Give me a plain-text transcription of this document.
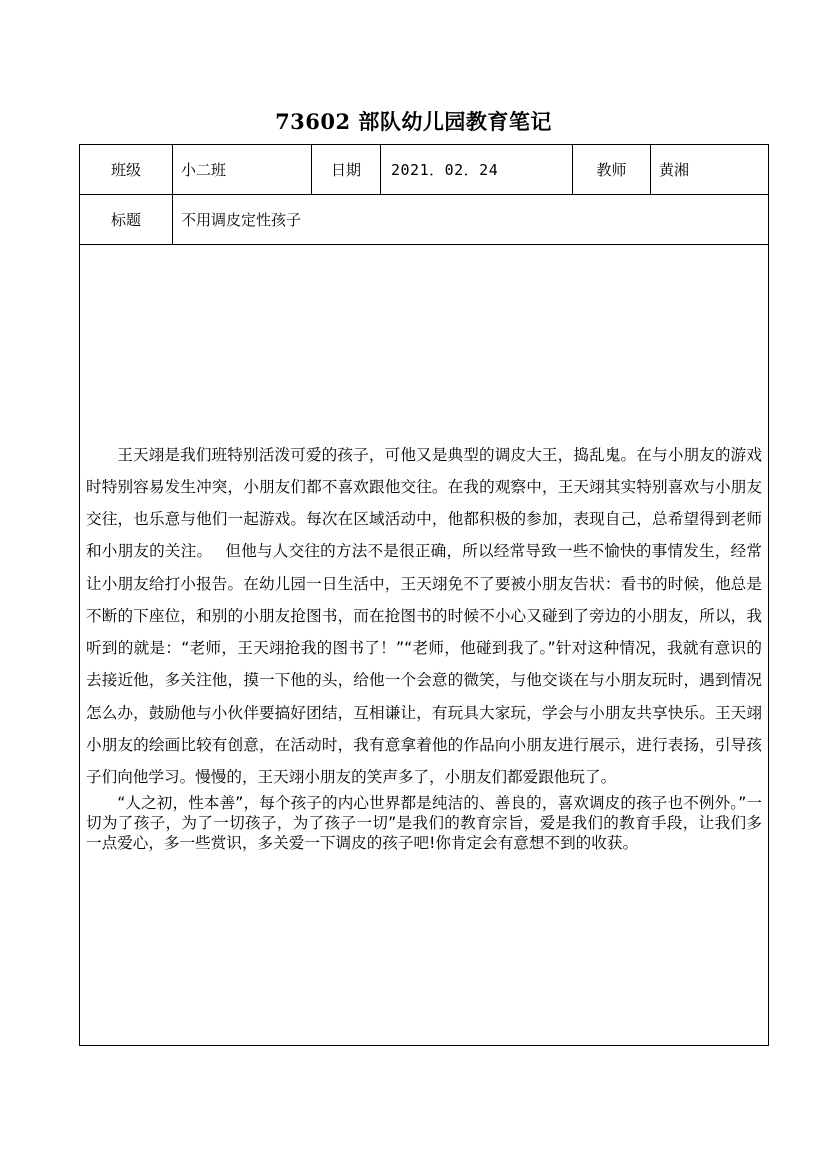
73602 部队幼儿园教育笔记
班级	小二班	日期	2021．02．24	教师	黄湘
标题	不用调皮定性孩子				

王天翊是我们班特别活泼可爱的孩子，可他又是典型的调皮大王，捣乱鬼。在与小朋友的游戏时特别容易发生冲突，小朋友们都不喜欢跟他交往。在我的观察中，王天翊其实特别喜欢与小朋友交往，也乐意与他们一起游戏。每次在区域活动中，他都积极的参加，表现自己，总希望得到老师和小朋友的关注。　 但他与人交往的方法不是很正确，所以经常导致一些不愉快的事情发生，经常让小朋友给打小报告。在幼儿园一日生活中，王天翊免不了要被小朋友告状：看书的时候，他总是不断的下座位，和别的小朋友抢图书，而在抢图书的时候不小心又碰到了旁边的小朋友，所以，我听到的就是：“老师，王天翊抢我的图书了！”“老师，他碰到我了。”针对这种情况，我就有意识的去接近他，多关注他，摸一下他的头，给他一个会意的微笑，与他交谈在与小朋友玩时，遇到情况怎么办，鼓励他与小伙伴要搞好团结，互相谦让，有玩具大家玩，学会与小朋友共享快乐。王天翊小朋友的绘画比较有创意，在活动时，我有意拿着他的作品向小朋友进行展示，进行表扬，引导孩子们向他学习。慢慢的，王天翊小朋友的笑声多了，小朋友们都爱跟他玩了。

“人之初，性本善”，每个孩子的内心世界都是纯洁的、善良的，喜欢调皮的孩子也不例外。”一切为了孩子，为了一切孩子，为了孩子一切”是我们的教育宗旨，爱是我们的教育手段，让我们多一点爱心，多一些赏识，多关爱一下调皮的孩子吧!你肯定会有意想不到的收获。					
